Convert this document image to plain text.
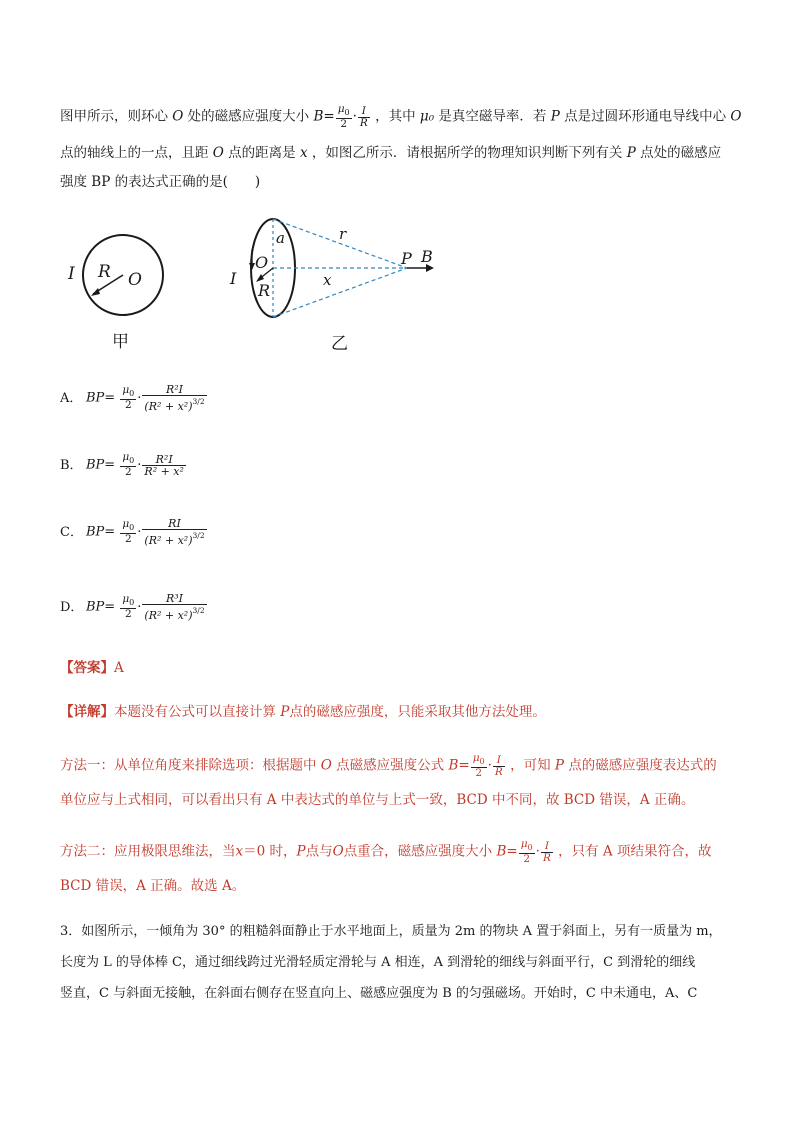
图甲所示，则环心 O 处的磁感应强度大小 $B= \frac{\mu_0}{2} \cdot \frac{I}{R}$ ，其中 μ₀ 是真空磁导率．若 P 点是过圆环形通电导线中心 O
点的轴线上的一点，且距 O 点的距离是 x ，如图乙所示．请根据所学的物理知识判断下列有关 P 点处的磁感应
强度 BP 的表达式正确的是(　　)
I R O
甲
a	r
O
I
R
x
P B
乙
A． $BP= \frac{\mu_0}{2} \cdot \frac{\text{R²I}}{(R^2 + x^2)^{3/2}}$
B． $BP= \frac{\mu_0}{2} \cdot \frac{\text{R²I}}{\text{R² + x²}}$
C． $BP= \frac{\mu_0}{2} \cdot \frac{RI}{(R^2 + x^2)^{3/2}}$
D． $BP= \frac{\mu_0}{2} \cdot \frac{\text{R³I}}{(R^2 + x^2)^{3/2}}$
【答案】A
【详解】本题没有公式可以直接计算 P点的磁感应强度，只能采取其他方法处理。
方法一：从单位角度来排除选项：根据题中 O 点磁感应强度公式 $B= \frac{\mu_0}{2} \cdot \frac{I}{R}$ ，可知 P 点的磁感应强度表达式的
单位应与上式相同，可以看出只有 A 中表达式的单位与上式一致，BCD 中不同，故 BCD 错误，A 正确。
方法二：应用极限思维法，当x＝0 时，P点与O点重合，磁感应强度大小 $B= \frac{\mu_0}{2} \cdot \frac{I}{R}$ ，只有 A 项结果符合，故
BCD 错误，A 正确。故选 A。
3．如图所示，一倾角为 30° 的粗糙斜面静止于水平地面上，质量为 2m 的物块 A 置于斜面上，另有一质量为 m，
长度为 L 的导体棒 C，通过细线跨过光滑轻质定滑轮与 A 相连，A 到滑轮的细线与斜面平行，C 到滑轮的细线
竖直，C 与斜面无接触，在斜面右侧存在竖直向上、磁感应强度为 B 的匀强磁场。开始时，C 中未通电，A、C
